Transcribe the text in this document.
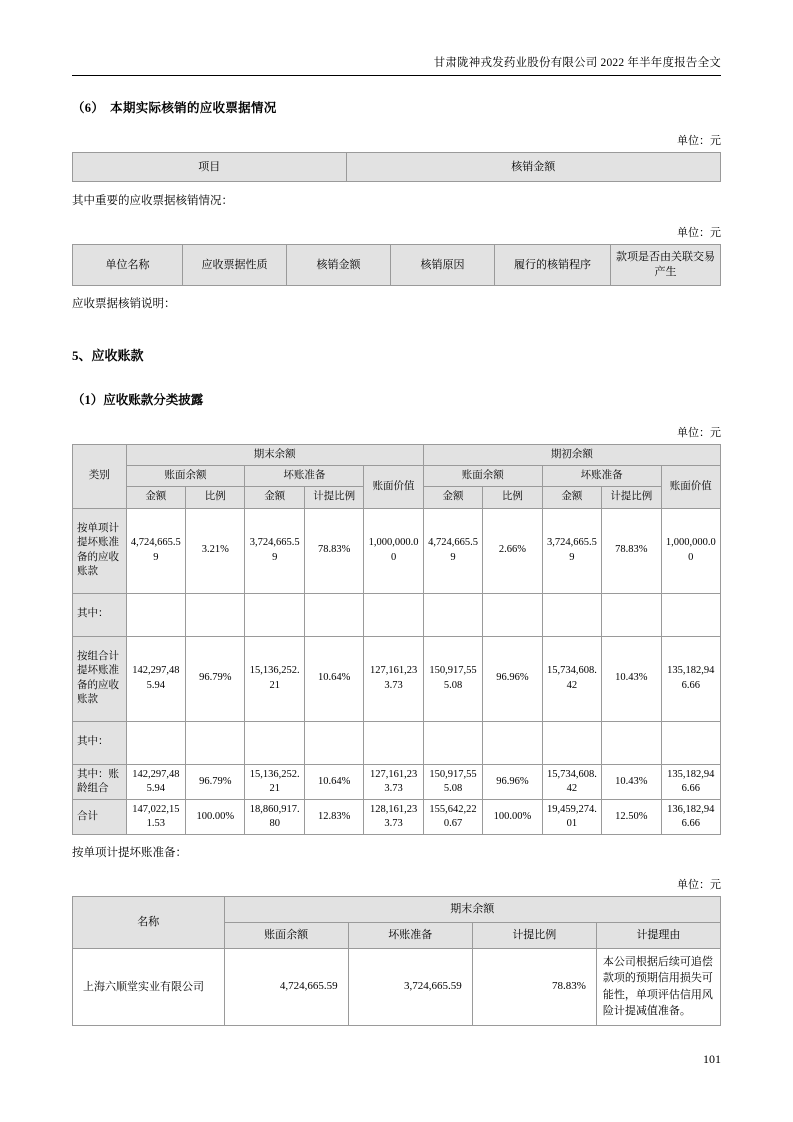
甘肃陇神戎发药业股份有限公司 2022 年半年度报告全文
（6） 本期实际核销的应收票据情况
单位：元
项目	核销金额
其中重要的应收票据核销情况：
单位：元
单位名称	应收票据性质	核销金额	核销原因	履行的核销程序	款项是否由关联交易产生
应收票据核销说明：
5、应收账款
（1）应收账款分类披露
单位：元
类别	期末余额					期初余额				
	账面余额		坏账准备		账面价值	账面余额		坏账准备		账面价值
	金额	比例	金额	计提比例		金额	比例	金额	计提比例	
按单项计提坏账准备的应收账款	4,724,665.59	3.21%	3,724,665.59	78.83%	1,000,000.00	4,724,665.59	2.66%	3,724,665.59	78.83%	1,000,000.00
其中：										
按组合计提坏账准备的应收账款	142,297,485.94	96.79%	15,136,252.21	10.64%	127,161,233.73	150,917,555.08	96.96%	15,734,608.42	10.43%	135,182,946.66
其中：										
其中：账龄组合	142,297,485.94	96.79%	15,136,252.21	10.64%	127,161,233.73	150,917,555.08	96.96%	15,734,608.42	10.43%	135,182,946.66
合计	147,022,151.53	100.00%	18,860,917.80	12.83%	128,161,233.73	155,642,220.67	100.00%	19,459,274.01	12.50%	136,182,946.66
按单项计提坏账准备：
单位：元
名称	期末余额			
	账面余额	坏账准备	计提比例	计提理由
上海六顺堂实业有限公司	4,724,665.59	3,724,665.59	78.83%	本公司根据后续可追偿款项的预期信用损失可能性，单项评估信用风险计提减值准备。
101
